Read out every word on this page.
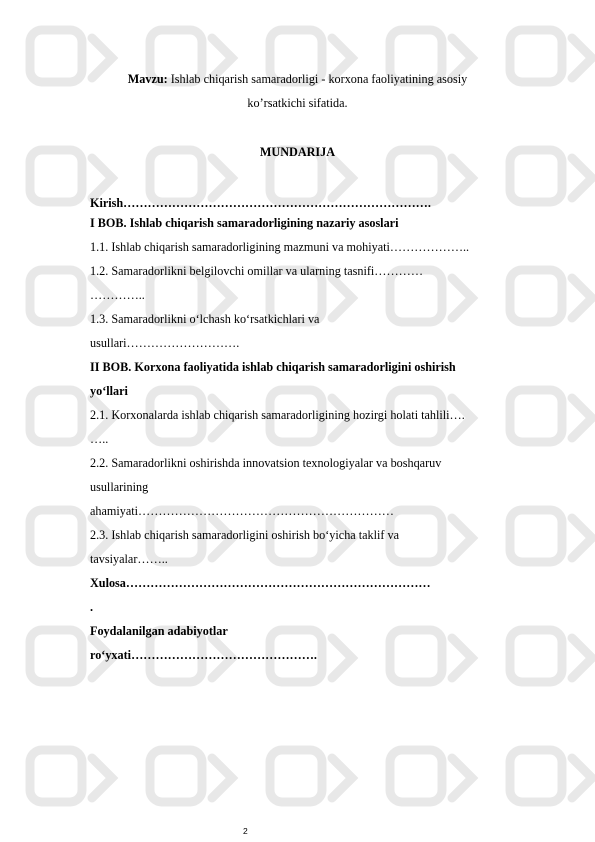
Mavzu: Ishlab chiqarish samaradorligi - korxona faoliyatining asosiy
ko’rsatkichi sifatida.
MUNDARIJA
Kirish………………………………………………………………….
I BOB. Ishlab chiqarish samaradorligining nazariy asoslari
1.1. Ishlab chiqarish samaradorligining mazmuni va mohiyati………………..
1.2. Samaradorlikni belgilovchi omillar va ularning tasnifi…………
…………..
1.3. Samaradorlikni o‘lchash ko‘rsatkichlari va
usullari……………………….
II BOB. Korxona faoliyatida ishlab chiqarish samaradorligini oshirish
yo‘llari
2.1. Korxonalarda ishlab chiqarish samaradorligining hozirgi holati tahlili….
…..
2.2. Samaradorlikni oshirishda innovatsion texnologiyalar va boshqaruv
usullarining
ahamiyati………………………………………………………
2.3. Ishlab chiqarish samaradorligini oshirish bo‘yicha taklif va
tavsiyalar……..
Xulosa…………………………………………………………………
.
Foydalanilgan adabiyotlar
ro‘yxati……………………………………….
2
